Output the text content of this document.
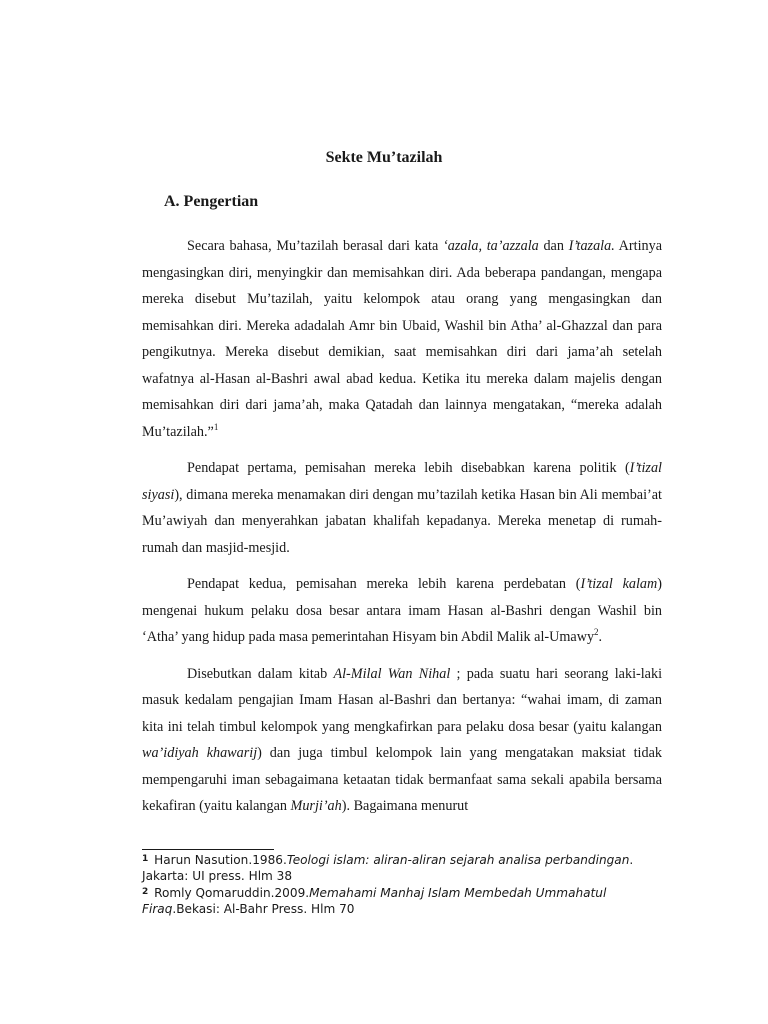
Sekte Mu’tazilah
A. Pengertian

Secara bahasa, Mu’tazilah berasal dari kata ‘azala, ta’azzala dan I’tazala. Artinya mengasingkan diri, menyingkir dan memisahkan diri. Ada beberapa pandangan, mengapa mereka disebut Mu’tazilah, yaitu kelompok atau orang yang mengasingkan dan memisahkan diri. Mereka adadalah Amr bin Ubaid, Washil bin Atha’ al-Ghazzal dan para pengikutnya. Mereka disebut demikian, saat memisahkan diri dari jama’ah setelah wafatnya al-Hasan al-Bashri awal abad kedua. Ketika itu mereka dalam majelis dengan memisahkan diri dari jama’ah, maka Qatadah dan lainnya mengatakan, “mereka adalah Mu’tazilah.”$^1$

Pendapat pertama, pemisahan mereka lebih disebabkan karena politik (I’tizal siyasi), dimana mereka menamakan diri dengan mu’tazilah ketika Hasan bin Ali membai’at Mu’awiyah dan menyerahkan jabatan khalifah kepadanya. Mereka menetap di rumah-rumah dan masjid-mesjid.

Pendapat kedua, pemisahan mereka lebih karena perdebatan (I’tizal kalam) mengenai hukum pelaku dosa besar antara imam Hasan al-Bashri dengan Washil bin ‘Atha’ yang hidup pada masa pemerintahan Hisyam bin Abdil Malik al-Umawy$^2$.

Disebutkan dalam kitab Al-Milal Wan Nihal ; pada suatu hari seorang laki-laki masuk kedalam pengajian Imam Hasan al-Bashri dan bertanya: “wahai imam, di zaman kita ini telah timbul kelompok yang mengkafirkan para pelaku dosa besar (yaitu kalangan wa’idiyah khawarij) dan juga timbul kelompok lain yang mengatakan maksiat tidak mempengaruhi iman sebagaimana ketaatan tidak bermanfaat sama sekali apabila bersama kekafiran (yaitu kalangan Murji’ah). Bagaimana menurut

$^1$ Harun Nasution.1986.Teologi islam: aliran-aliran sejarah analisa perbandingan. Jakarta: UI press. Hlm 38

$^2$ Romly Qomaruddin.2009.Memahami Manhaj Islam Membedah Ummahatul Firaq.Bekasi: Al-Bahr Press. Hlm 70
